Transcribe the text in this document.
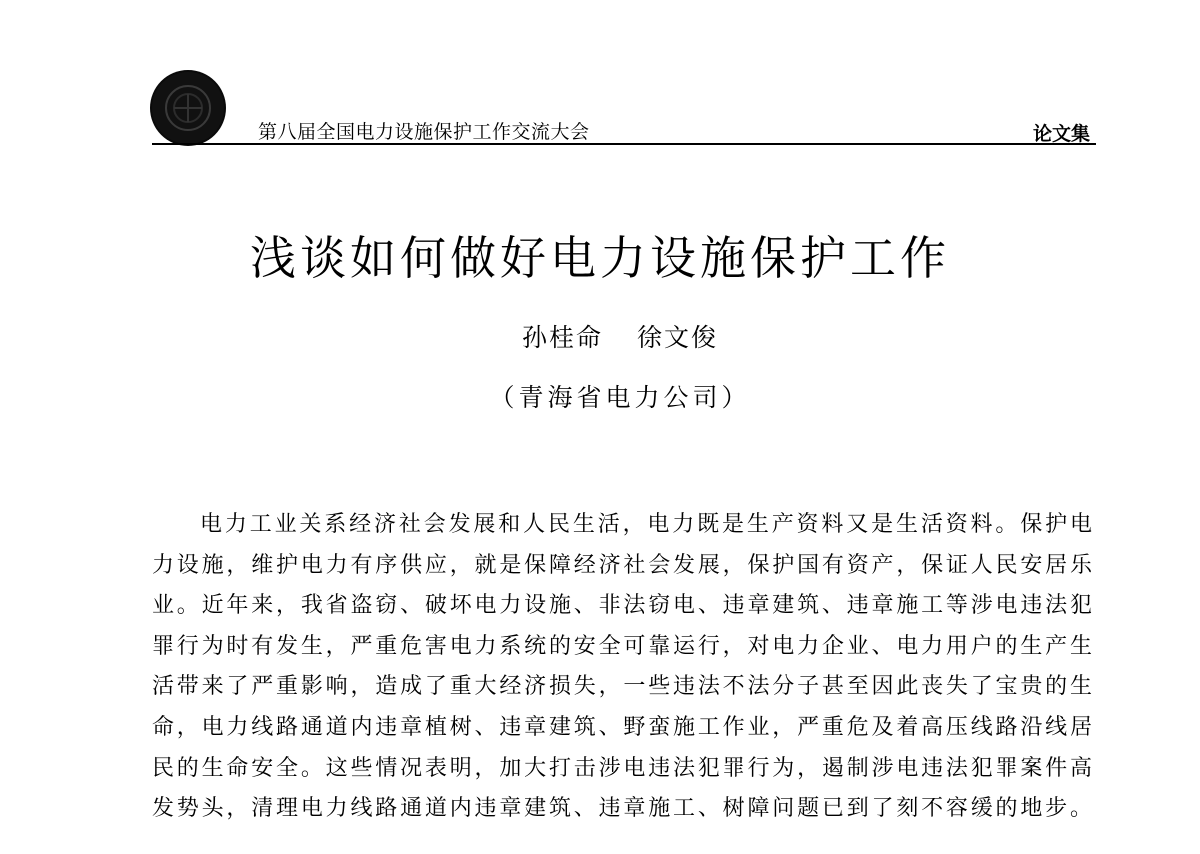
第八届全国电力设施保护工作交流大会	论文集
浅谈如何做好电力设施保护工作
孙桂命 徐文俊
（青海省电力公司）
电力工业关系经济社会发展和人民生活，电力既是生产资料又是生活资料。保护电
力设施，维护电力有序供应，就是保障经济社会发展，保护国有资产，保证人民安居乐
业。近年来，我省盗窃、破坏电力设施、非法窃电、违章建筑、违章施工等涉电违法犯
罪行为时有发生，严重危害电力系统的安全可靠运行，对电力企业、电力用户的生产生
活带来了严重影响，造成了重大经济损失，一些违法不法分子甚至因此丧失了宝贵的生
命，电力线路通道内违章植树、违章建筑、野蛮施工作业，严重危及着高压线路沿线居
民的生命安全。这些情况表明，加大打击涉电违法犯罪行为，遏制涉电违法犯罪案件高
发势头，清理电力线路通道内违章建筑、违章施工、树障问题已到了刻不容缓的地步。
